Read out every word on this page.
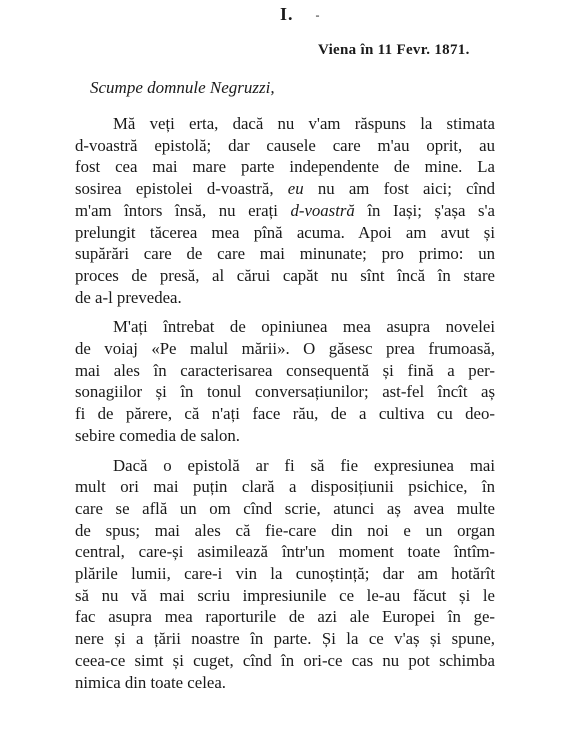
I. -
Viena în 11 Fevr. 1871.
Scumpe domnule Negruzzi,
Mă veți erta, dacă nu v'am răspuns la stimata
d-voastră epistolă; dar causele care m'au oprit, au
fost cea mai mare parte independente de mine. La
sosirea epistolei d-voastră, eu nu am fost aici; cînd
m'am întors însă, nu erați d-voastră în Iași; ș'așa s'a
prelungit tăcerea mea pînă acuma. Apoi am avut și
supărări care de care mai minunate; pro primo: un
proces de presă, al cărui capăt nu sînt încă în stare
de a-l prevedea.
M'ați întrebat de opiniunea mea asupra novelei
de voiaj «Pe malul mării». O găsesc prea frumoasă,
mai ales în caracterisarea consequentă și fină a per-
sonagiilor și în tonul conversațiunilor; ast-fel încît aș
fi de părere, că n'ați face rău, de a cultiva cu deo-
sebire comedia de salon.
Dacă o epistolă ar fi să fie expresiunea mai
mult ori mai puțin clară a disposițiunii psichice, în
care se află un om cînd scrie, atunci aș avea multe
de spus; mai ales că fie-care din noi e un organ
central, care-și asimilează într'un moment toate întîm-
plările lumii, care-i vin la cunoștință; dar am hotărît
să nu vă mai scriu impresiunile ce le-au făcut și le
fac asupra mea raporturile de azi ale Europei în ge-
nere și a țării noastre în parte. Și la ce v'aș și spune,
ceea-ce simt și cuget, cînd în ori-ce cas nu pot schimba
nimica din toate celea.
